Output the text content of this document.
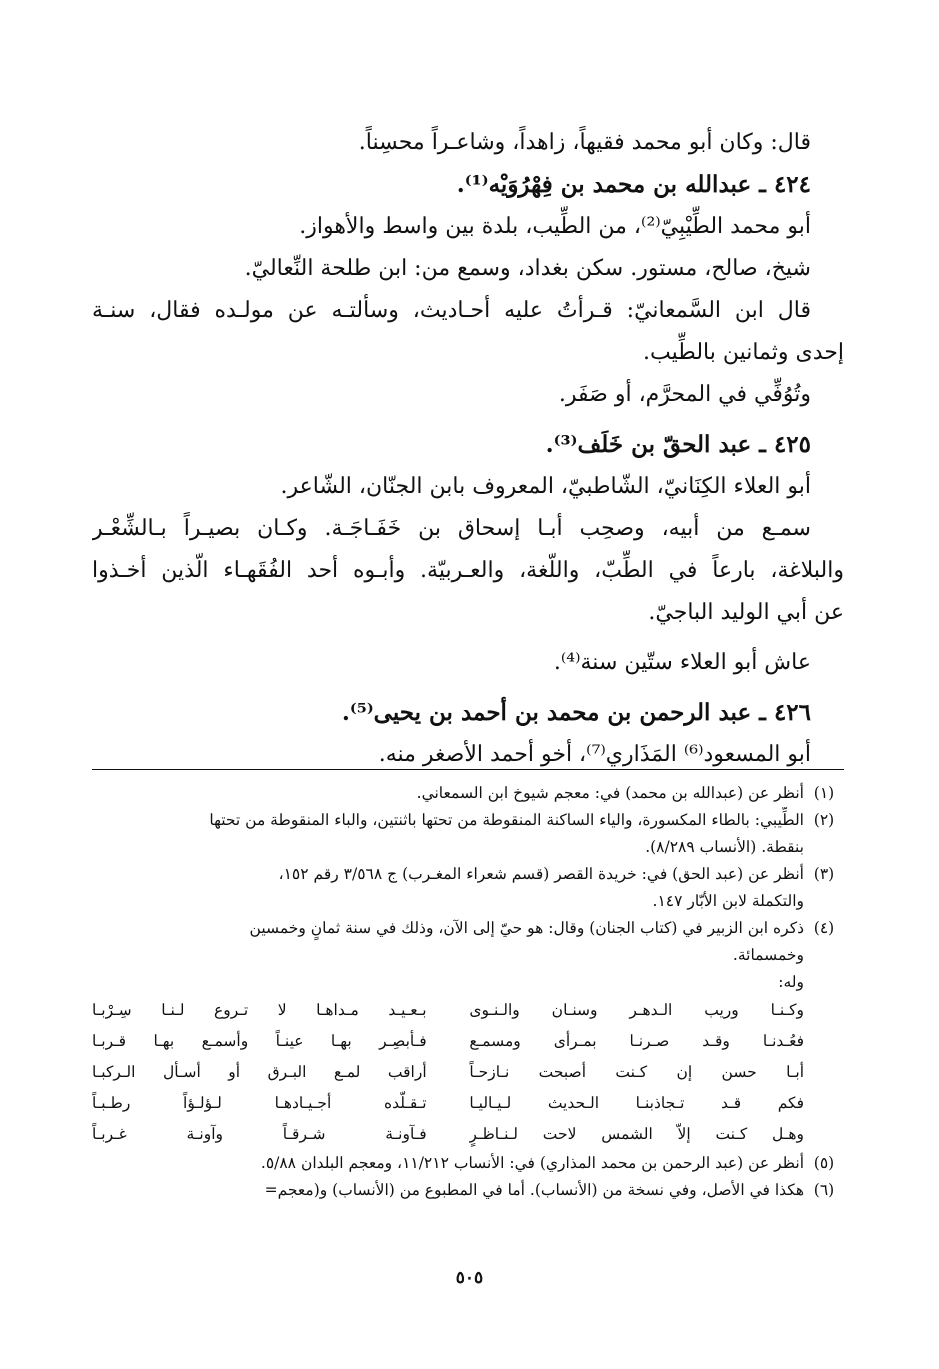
قال: وكان أبو محمد فقيهاً، زاهداً، وشاعـراً محسِناً.
٤٢٤ ـ عبدالله بن محمد بن فِهْرُوَيْه⁽¹⁾.
أبو محمد الطِّيْبِيّ⁽²⁾، من الطِّيب، بلدة بين واسط والأهواز.
شيخ، صالح، مستور. سكن بغداد، وسمع من: ابن طلحة النِّعاليّ.
قال ابن السَّمعانيّ: قـرأتُ عليه أحـاديث، وسألتـه عن مولـده فقال، سنـة
إحدى وثمانين بالطِّيب.
وتُوُفِّي في المحرَّم، أو صَفَر.
٤٢٥ ـ عبد الحقّ بن خَلَف⁽³⁾.
أبو العلاء الكِنَانيّ، الشّاطبيّ، المعروف بابن الجنّان، الشّاعر.
سمـع من أبيه، وصحِب أبـا إسحاق بن خَفَـاجَـة. وكـان بصيـراً بـالشِّعْـر
والبلاغة، بارعاً في الطِّبّ، واللّغة، والعـربيّة. وأبـوه أحد الفُقَهـاء الّذين أخـذوا
عن أبي الوليد الباجيّ.
عاش أبو العلاء ستّين سنة⁽⁴⁾.
٤٢٦ ـ عبد الرحمن بن محمد بن أحمد بن يحيى⁽⁵⁾.
أبو المسعود⁽⁶⁾ المَذَاري⁽⁷⁾، أخو أحمد الأصغر منه.
(١)
أنظر عن (عبدالله بن محمد) في: معجم شيوخ ابن السمعاني.
(٢)
الطِّيبي: بالطاء المكسورة، والياء الساكنة المنقوطة من تحتها باثنتين، والباء المنقوطة من تحتها
بنقطة. (الأنساب ٨/٢٨٩).
(٣)
أنظر عن (عبد الحق) في: خريدة القصر (قسم شعراء المغـرب) ج ٣/٥٦٨ رقم ١٥٢،
والتكملة لابن الأبّار ١٤٧.
(٤)
ذكره ابن الزبير في (كتاب الجنان) وقال: هو حيّ إلى الآن، وذلك في سنة ثمانٍ وخمسين
وخمسمائة.
وله:
وكـنـا وريب الـدهـر وسنـان والـنـوى
بـعـيـد مـداهـا لا تـروع لـنـا سِـرْبـا
فعُـدنـا وقـد صـرنـا بمـرأى ومسمـع
فـأبصِـر بهـا عينـاً وأسمـع بهـا قـربـا
أبـا حسن إن كـنت أصبحت نـازحـاً
أراقب لمـع البـرق أو أسـأل الـركبـا
فكم قـد تـجاذبنـا الـحديث لـيـاليـا
تـقـلّده أجـيـادهـا لـؤلـؤاً رطـبـاً
وهـل كـنت إلاّ الشمس لاحت لـنـاظـرٍ
فـآونـة شـرقـاً وآونـة غـربـاً
(٥)
أنظر عن (عبد الرحمن بن محمد المذاري) في: الأنساب ١١/٢١٢، ومعجم البلدان ٥/٨٨.
(٦)
هكذا في الأصل، وفي نسخة من (الأنساب). أما في المطبوع من (الأنساب) و(معجم=
٥٠٥
